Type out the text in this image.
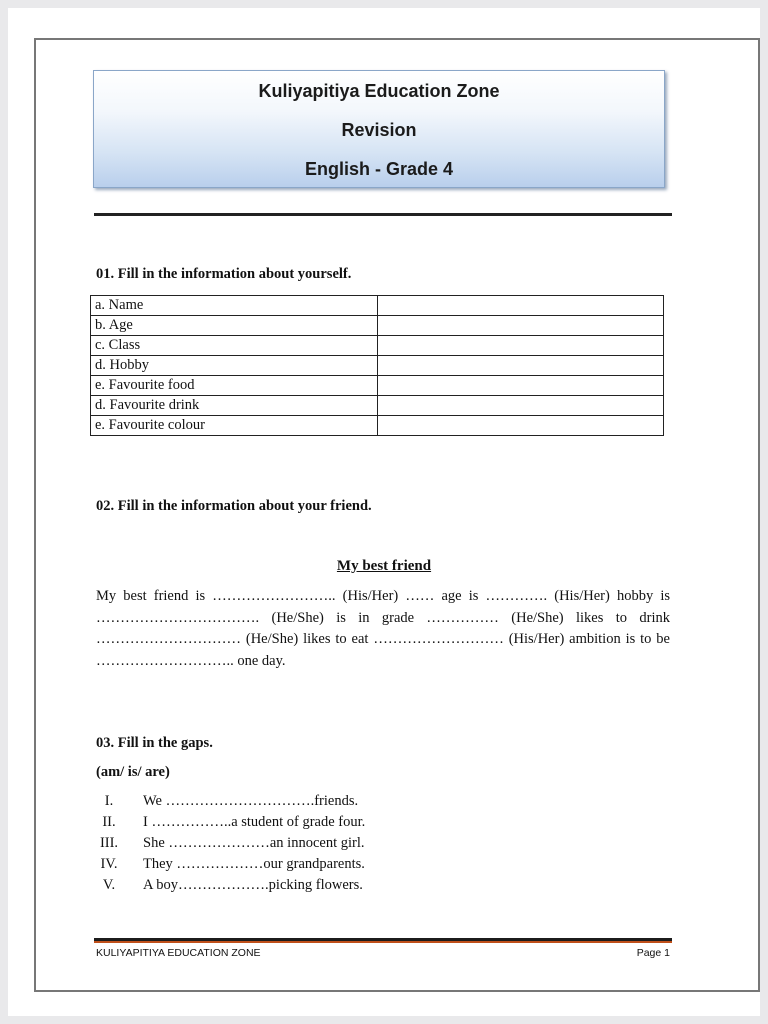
Kuliyapitiya Education Zone
Revision
English - Grade 4
01. Fill in the information about yourself.
a. Name	
b. Age	
c. Class	
d. Hobby	
e. Favourite food	
d. Favourite drink	
e. Favourite colour	
02. Fill in the information about your friend.
My best friend
My best friend is …………………….. (His/Her) …… age is …………. (His/Her) hobby is ……………………………. (He/She) is in grade …………… (He/She) likes to drink ………………………… (He/She) likes to eat ……………………… (His/Her) ambition is to be ……………………….. one day.
03. Fill in the gaps.
(am/ is/ are)
I.	We ………………………….friends.
II.	I ……………..a student of grade four.
III. She …………………an innocent girl.
IV.	They ………………our grandparents.
V.	A boy……………….picking flowers.
KULIYAPITIYA EDUCATION ZONE	Page 1
